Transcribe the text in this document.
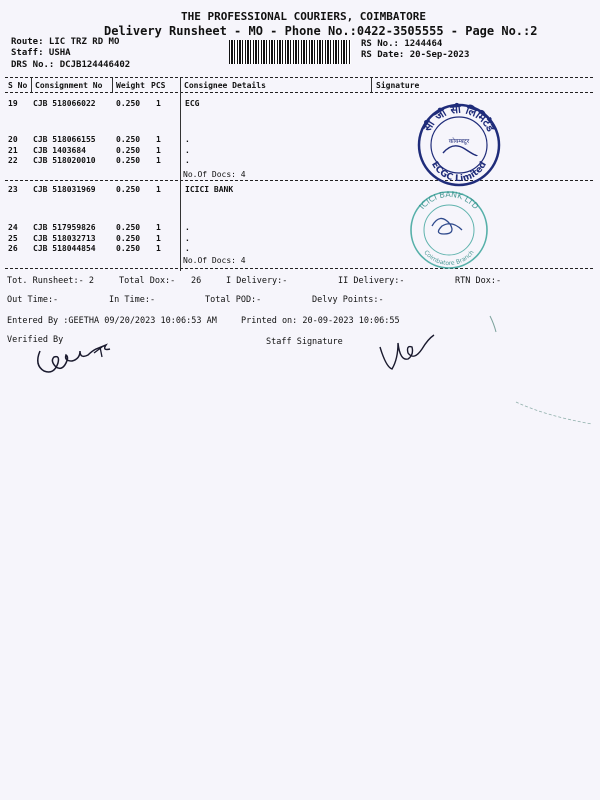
THE PROFESSIONAL COURIERS, COIMBATORE
Delivery Runsheet - MO - Phone No.:0422-3505555 - Page No.:2
Route: LIC TRZ RD MO
Staff: USHA
DRS No.: DCJB124446402
RS No.: 1244464
RS Date: 20-Sep-2023
S No Consignment No Weight PCS Consignee Details	Signature
19 CJB 518066022	0.250 1	ECG
20 CJB 518066155	0.250 1	.
21 CJB 1403684	0.250 1	.
22 CJB 518020010	0.250 1	.
No.Of Docs: 4
23 CJB 518031969	0.250 1	ICICI BANK
24 CJB 517959826	0.250 1	.
25 CJB 518032713	0.250 1	.
26 CJB 518044854	0.250 1	.
No.Of Docs: 4
सी जी सी लिमिटेड
ECGC Limited
कोयम्बटूर
ICICI BANK LTD
Coimbatore Branch
Tot. Runsheet:- 2	Total Dox:- 26	I Delivery:-	II Delivery:-	RTN Dox:-
Out Time:-	In Time:-	Total POD:-	Delvy Points:-
Entered By :GEETHA 09/20/2023 10:06:53 AM	Printed on: 20-09-2023 10:06:55
Verified By	Staff Signature
